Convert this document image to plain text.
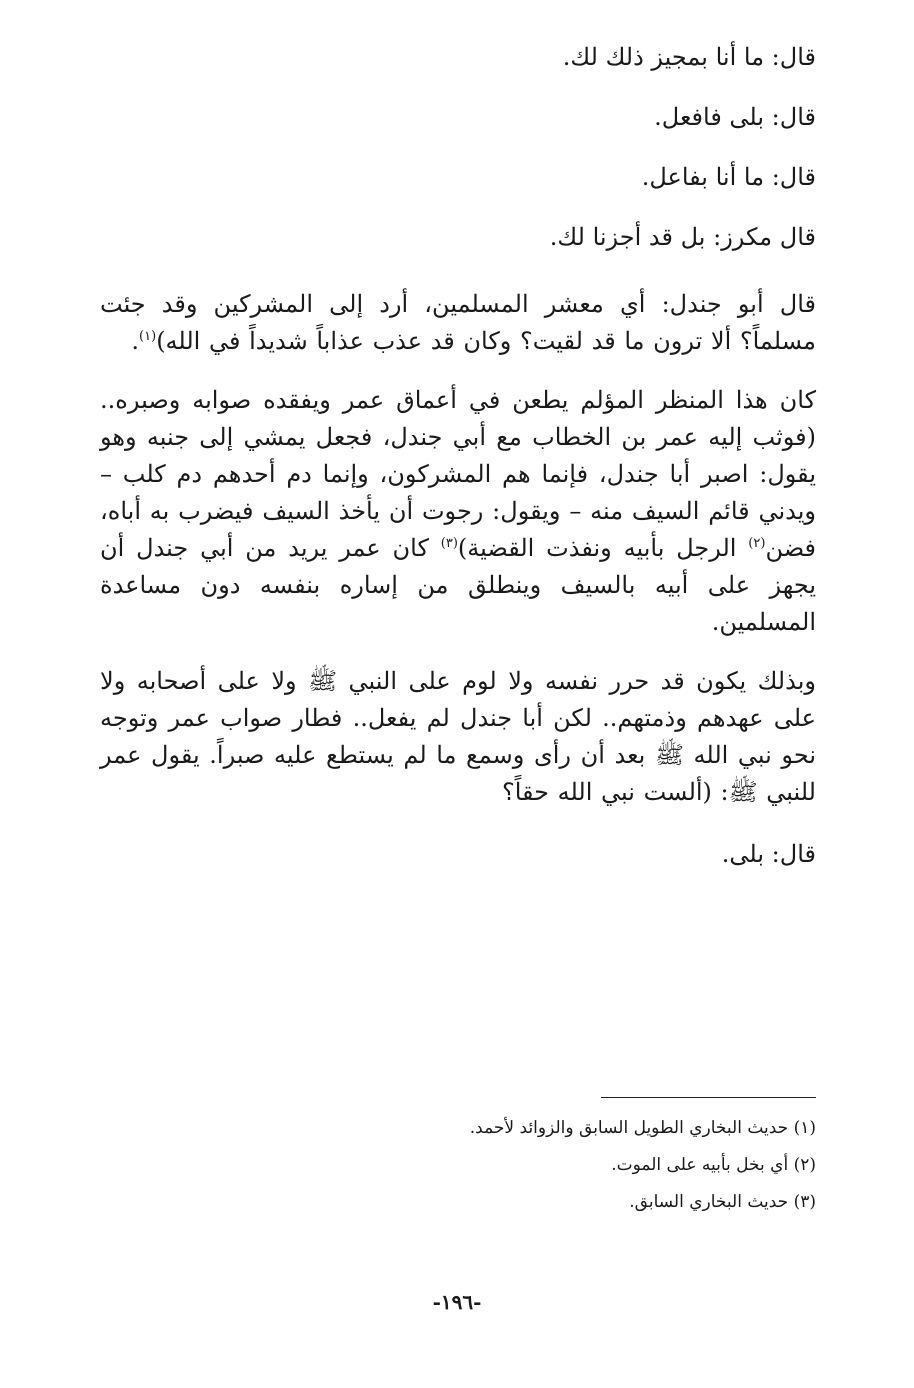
قال: ما أنا بمجيز ذلك لك.

قال: بلى فافعل.

قال: ما أنا بفاعل.

قال مكرز: بل قد أجزنا لك.

قال أبو جندل: أي معشر المسلمين، أرد إلى المشركين وقد جئت مسلماً؟ ألا ترون ما قد لقيت؟ وكان قد عذب عذاباً شديداً في الله)$^{(١)}$.

كان هذا المنظر المؤلم يطعن في أعماق عمر ويفقده صوابه وصبره.. (فوثب إليه عمر بن الخطاب مع أبي جندل، فجعل يمشي إلى جنبه وهو يقول: اصبر أبا جندل، فإنما هم المشركون، وإنما دم أحدهم دم كلب – ويدني قائم السيف منه – ويقول: رجوت أن يأخذ السيف فيضرب به أباه، فضن$^{(٢)}$ الرجل بأبيه ونفذت القضية)$^{(٣)}$ كان عمر يريد من أبي جندل أن يجهز على أبيه بالسيف وينطلق من إساره بنفسه دون مساعدة المسلمين.

وبذلك يكون قد حرر نفسه ولا لوم على النبي ﷺ ولا على أصحابه ولا على عهدهم وذمتهم.. لكن أبا جندل لم يفعل.. فطار صواب عمر وتوجه نحو نبي الله ﷺ بعد أن رأى وسمع ما لم يستطع عليه صبراً. يقول عمر للنبي ﷺ: (ألست نبي الله حقاً؟

قال: بلى.

(١) حديث البخاري الطويل السابق والزوائد لأحمد.
(٢) أي بخل بأبيه على الموت.
(٣) حديث البخاري السابق.
-١٩٦-
